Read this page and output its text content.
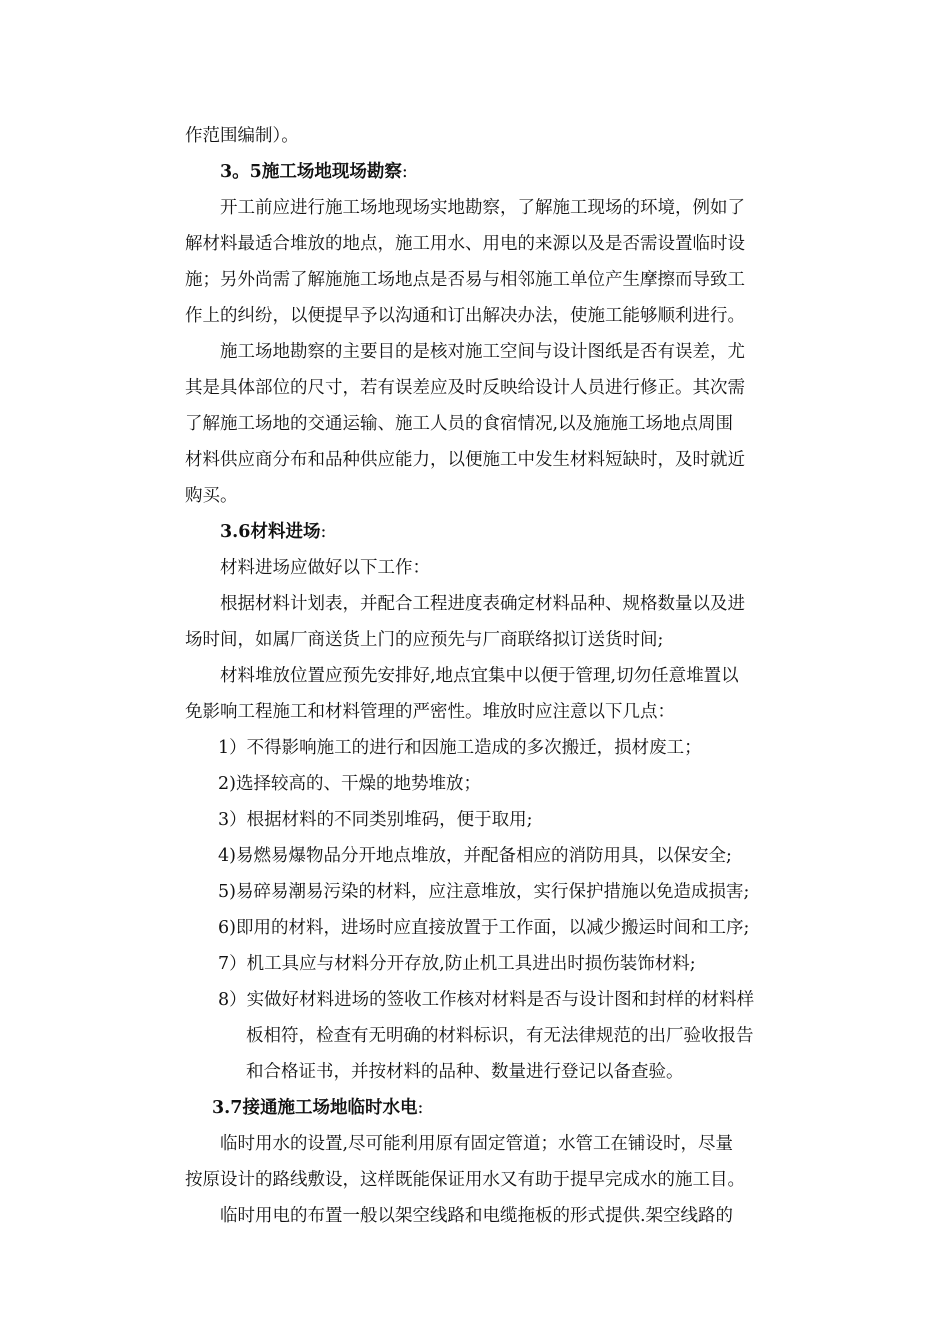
作范围编制）。
3。5施工场地现场勘察:
开工前应进行施工场地现场实地勘察，了解施工现场的环境，例如了
解材料最适合堆放的地点，施工用水、用电的来源以及是否需设置临时设
施；另外尚需了解施施工场地点是否易与相邻施工单位产生摩擦而导致工
作上的纠纷，以便提早予以沟通和订出解决办法，使施工能够顺利进行。
施工场地勘察的主要目的是核对施工空间与设计图纸是否有误差，尤
其是具体部位的尺寸，若有误差应及时反映给设计人员进行修正。其次需
了解施工场地的交通运输、施工人员的食宿情况,以及施施工场地点周围
材料供应商分布和品种供应能力，以便施工中发生材料短缺时，及时就近
购买。
3.6材料进场:
材料进场应做好以下工作：
根据材料计划表，并配合工程进度表确定材料品种、规格数量以及进
场时间，如属厂商送货上门的应预先与厂商联络拟订送货时间;
材料堆放位置应预先安排好,地点宜集中以便于管理,切勿任意堆置以
免影响工程施工和材料管理的严密性。堆放时应注意以下几点：
1）不得影响施工的进行和因施工造成的多次搬迁，损材废工；
2)选择较高的、干燥的地势堆放；
3）根据材料的不同类别堆码，便于取用;
4)易燃易爆物品分开地点堆放，并配备相应的消防用具，以保安全;
5)易碎易潮易污染的材料，应注意堆放，实行保护措施以免造成损害;
6)即用的材料，进场时应直接放置于工作面，以减少搬运时间和工序;
7）机工具应与材料分开存放,防止机工具进出时损伤装饰材料;
8）实做好材料进场的签收工作核对材料是否与设计图和封样的材料样
板相符，检查有无明确的材料标识，有无法律规范的出厂验收报告
和合格证书，并按材料的品种、数量进行登记以备查验。
3.7接通施工场地临时水电:
临时用水的设置,尽可能利用原有固定管道；水管工在铺设时，尽量
按原设计的路线敷设，这样既能保证用水又有助于提早完成水的施工目。
临时用电的布置一般以架空线路和电缆拖板的形式提供.架空线路的
